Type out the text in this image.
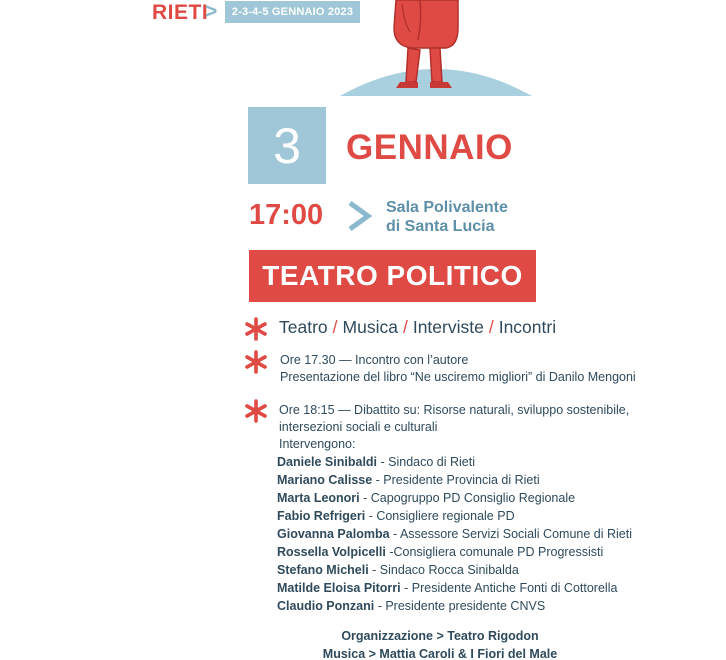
RIETI
>	2-3-4-5 GENNAIO 2023
3	GENNAIO
17:00	Sala Polivalente
di Santa Lucia
TEATRO POLITICO
Teatro / Musica / Interviste / Incontri
Ore 17.30 — Incontro con l’autore
Presentazione del libro “Ne usciremo migliori” di Danilo Mengoni
Ore 18:15 — Dibattito su: Risorse naturali, sviluppo sostenibile,
intersezioni sociali e culturali
Intervengono:
Daniele Sinibaldi - Sindaco di Rieti
Mariano Calisse - Presidente Provincia di Rieti
Marta Leonori - Capogruppo PD Consiglio Regionale
Fabio Refrigeri - Consigliere regionale PD
Giovanna Palomba - Assessore Servizi Sociali Comune di Rieti
Rossella Volpicelli -Consigliera comunale PD Progressisti
Stefano Micheli - Sindaco Rocca Sinibalda
Matilde Eloisa Pitorri - Presidente Antiche Fonti di Cottorella
Claudio Ponzani - Presidente presidente CNVS
Organizzazione > Teatro Rigodon
Musica > Mattia Caroli & I Fiori del Male
